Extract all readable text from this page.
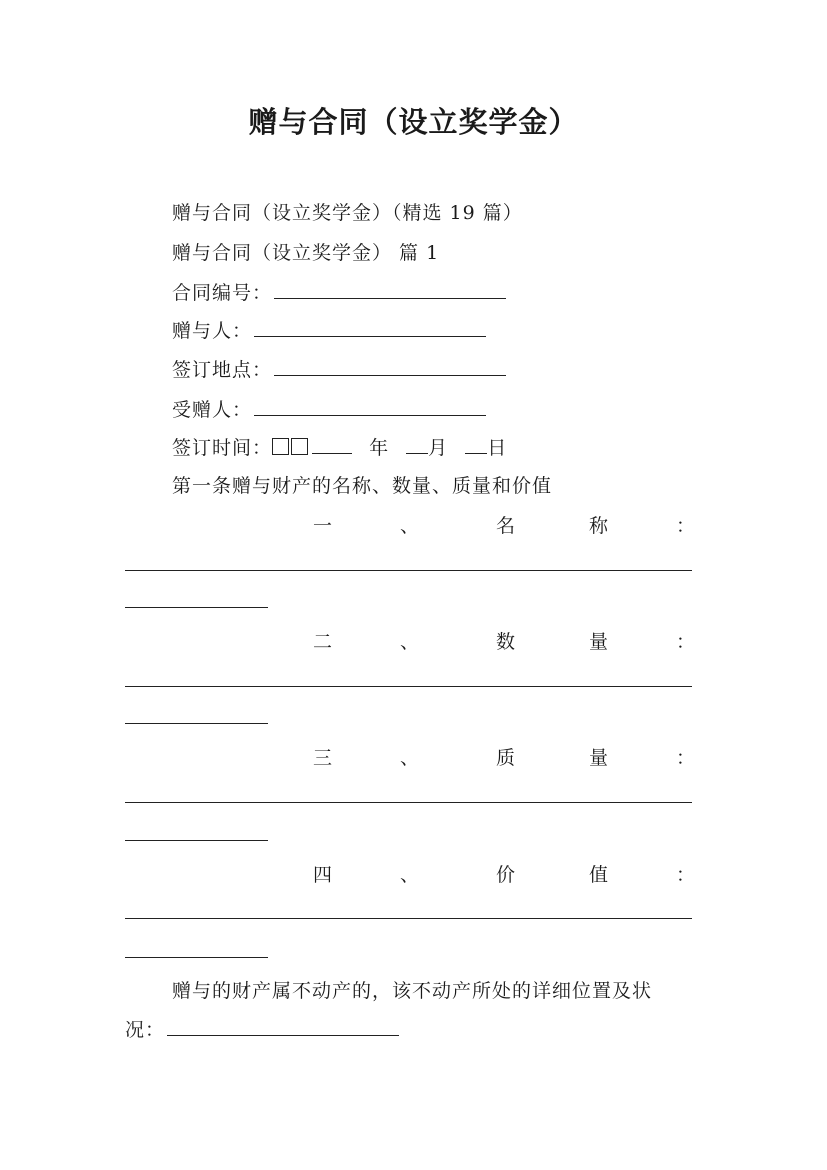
赠与合同（设立奖学金）
赠与合同（设立奖学金）（精选 19 篇）
赠与合同（设立奖学金） 篇 1
合同编号：
赠与人：
签订地点：
受赠人：
签订时间：	年 月 日
第一条赠与财产的名称、数量、质量和价值
一	、	名	称	：
二	、	数	量	：
三	、	质	量	：
四	、	价	值	：
赠与的财产属不动产的，该不动产所处的详细位置及状
况：
